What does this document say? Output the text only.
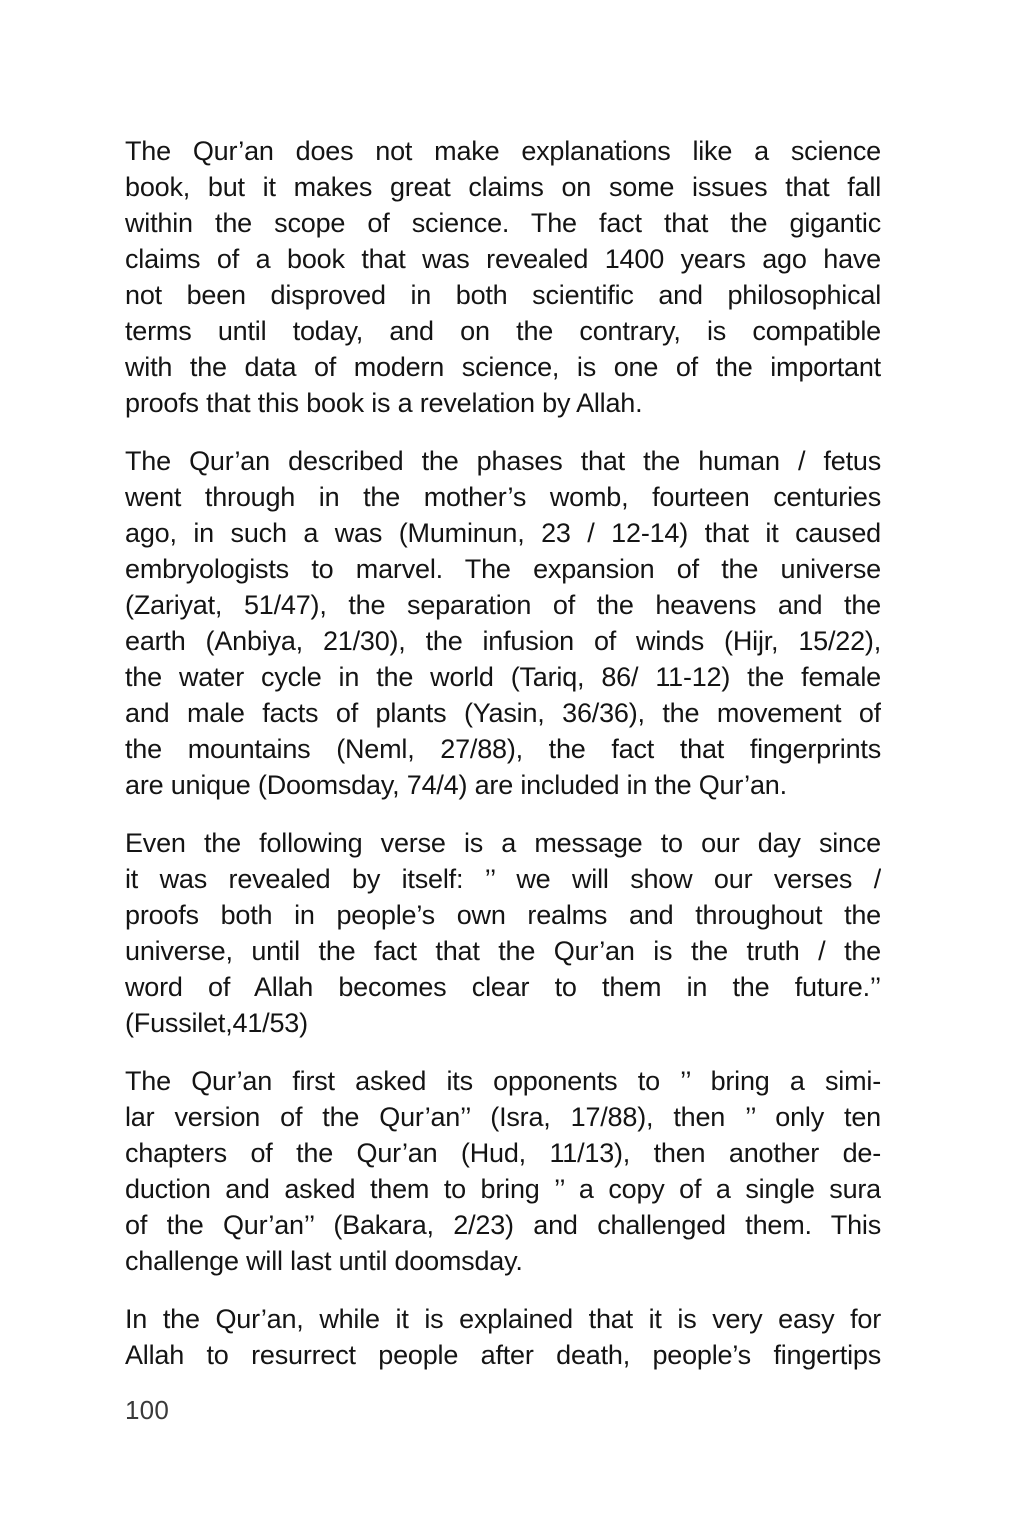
The Qur’an does not make explanations like a science
book, but it makes great claims on some issues that fall
within the scope of science. The fact that the gigantic
claims of a book that was revealed 1400 years ago have
not been disproved in both scientific and philosophical
terms until today, and on the contrary, is compatible
with the data of modern science, is one of the important
proofs that this book is a revelation by Allah.
The Qur’an described the phases that the human / fetus
went through in the mother’s womb, fourteen centuries
ago, in such a was (Muminun, 23 / 12-14) that it caused
embryologists to marvel. The expansion of the universe
(Zariyat, 51/47), the separation of the heavens and the
earth (Anbiya, 21/30), the infusion of winds (Hijr, 15/22),
the water cycle in the world (Tariq, 86/ 11-12) the female
and male facts of plants (Yasin, 36/36), the movement of
the mountains (Neml, 27/88), the fact that fingerprints
are unique (Doomsday, 74/4) are included in the Qur’an.
Even the following verse is a message to our day since
it was revealed by itself: ’’ we will show our verses /
proofs both in people’s own realms and throughout the
universe, until the fact that the Qur’an is the truth / the
word of Allah becomes clear to them in the future.’’
(Fussilet,41/53)
The Qur’an first asked its opponents to ’’ bring a simi-
lar version of the Qur’an’’ (Isra, 17/88), then ’’ only ten
chapters of the Qur’an (Hud, 11/13), then another de-
duction and asked them to bring ’’ a copy of a single sura
of the Qur’an’’ (Bakara, 2/23) and challenged them. This
challenge will last until doomsday.
In the Qur’an, while it is explained that it is very easy for
Allah to resurrect people after death, people’s fingertips
100
